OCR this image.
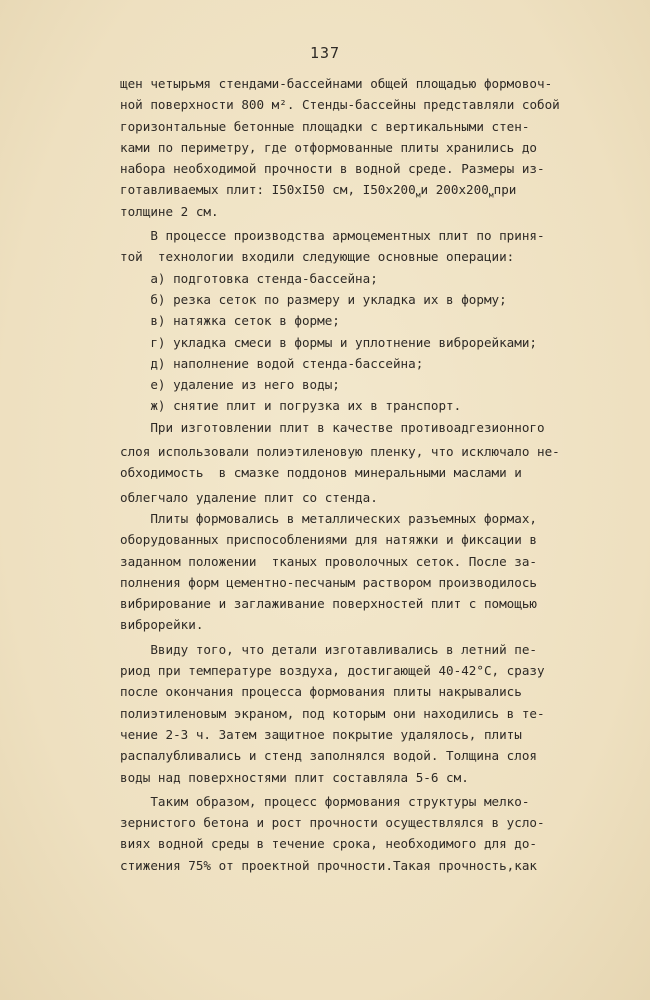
137
щен четырьмя стендами-бассейнами общей площадью формовоч-
ной поверхности 800 м². Стенды-бассейны представляли собой
горизонтальные бетонные площадки с вертикальными стен-
ками по периметру, где отформованные плиты хранились до
набора необходимой прочности в водной среде. Размеры из-
готавливаемых плит: I50xI50 см, $I50x200_ми$ $200x200_мпри$
толщине 2 см.
В процессе производства армоцементных плит по приня-
той  технологии входили следующие основные операции:
а) подготовка стенда-бассейна;
б) резка сеток по размеру и укладка их в форму;
в) натяжка сеток в форме;
г) укладка смеси в формы и уплотнение виброрейками;
д) наполнение водой стенда-бассейна;
е) удаление из него воды;
ж) снятие плит и погрузка их в транспорт.
При изготовлении плит в качестве противоадгезионного
слоя использовали полиэтиленовую пленку, что исключало не-
обходимость  в смазке поддонов минеральными маслами и
облегчало удаление плит со стенда.
Плиты формовались в металлических разъемных формах,
оборудованных приспособлениями для натяжки и фиксации в
заданном положении  тканых проволочных сеток. После за-
полнения форм цементно-песчаным раствором производилось
вибрирование и заглаживание поверхностей плит с помощью
виброрейки.
Ввиду того, что детали изготавливались в летний пе-
риод при температуре воздуха, достигающей 40-42°С, сразу
после окончания процесса формования плиты накрывались
полиэтиленовым экраном, под которым они находились в те-
чение 2-3 ч. Затем защитное покрытие удалялось, плиты
распалубливались и стенд заполнялся водой. Толщина слоя
воды над поверхностями плит составляла 5-6 см.
Таким образом, процесс формования структуры мелко-
зернистого бетона и рост прочности осуществлялся в усло-
виях водной среды в течение срока, необходимого для до-
стижения 75% от проектной прочности.Такая прочность,как
